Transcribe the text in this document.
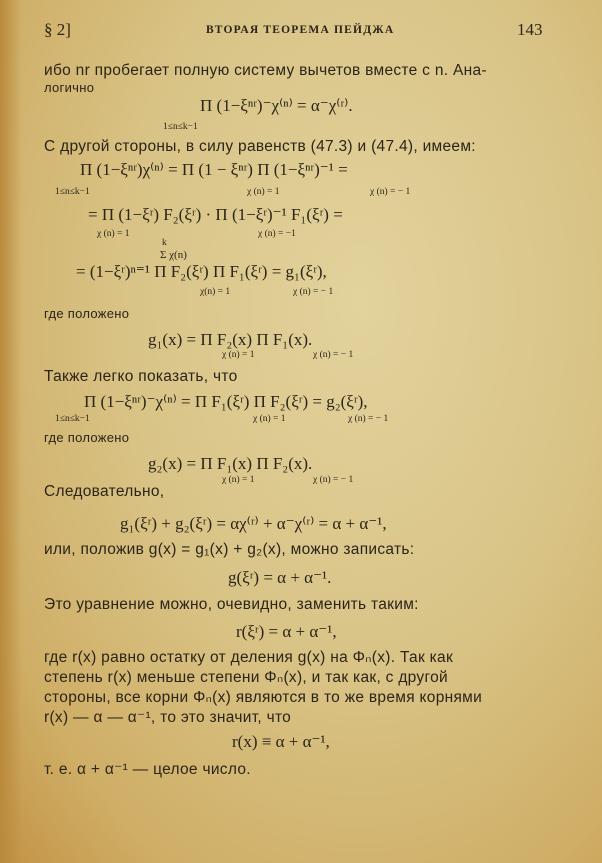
§ 2]	ВТОРАЯ ТЕОРЕМА ПЕЙДЖА	143
ибо nr пробегает полную систему вычетов вместе с n. Ана-
логично
Π (1−ξⁿʳ)⁻χ⁽ⁿ⁾ = α⁻χ⁽ʳ⁾.
1≤n≤k−1
С другой стороны, в силу равенств (47.3) и (47.4), имеем:
Π (1−ξⁿʳ)χ⁽ⁿ⁾ = Π (1 − ξⁿʳ) Π (1−ξⁿʳ)⁻¹ =
1≤n≤k−1	χ (n) = 1	χ (n) = − 1
= Π (1−ξʳ) F₂(ξʳ) · Π (1−ξʳ)⁻¹ F₁(ξʳ) =
χ (n) = 1	χ (n) = −1
k
Σ χ(n)
= (1−ξʳ)ⁿ⁼¹ Π F₂(ξʳ) Π F₁(ξʳ) = g₁(ξʳ),
χ(n) = 1	χ (n) = − 1
где положено
g₁(x) = Π F₂(x) Π F₁(x).
χ (n) = 1	χ (n) = − 1
Также легко показать, что
Π (1−ξⁿʳ)⁻χ⁽ⁿ⁾ = Π F₁(ξʳ) Π F₂(ξʳ) = g₂(ξʳ),
1≤n≤k−1	χ (n) = 1	χ (n) = − 1
где положено
g₂(x) = Π F₁(x) Π F₂(x).
χ (n) = 1	χ (n) = − 1
Следовательно,
g₁(ξʳ) + g₂(ξʳ) = αχ⁽ʳ⁾ + α⁻χ⁽ʳ⁾ = α + α⁻¹,
или, положив g(x) = g₁(x) + g₂(x), можно записать:
g(ξʳ) = α + α⁻¹.
Это уравнение можно, очевидно, заменить таким:
r(ξʳ) = α + α⁻¹,
где r(x) равно остатку от деления g(x) на Φₙ(x). Так как
степень r(x) меньше степени Φₙ(x), и так как, с другой
стороны, все корни Φₙ(x) являются в то же время корнями
r(x) — α — α⁻¹, то это значит, что
r(x) ≡ α + α⁻¹,
т. е. α + α⁻¹ — целое число.
